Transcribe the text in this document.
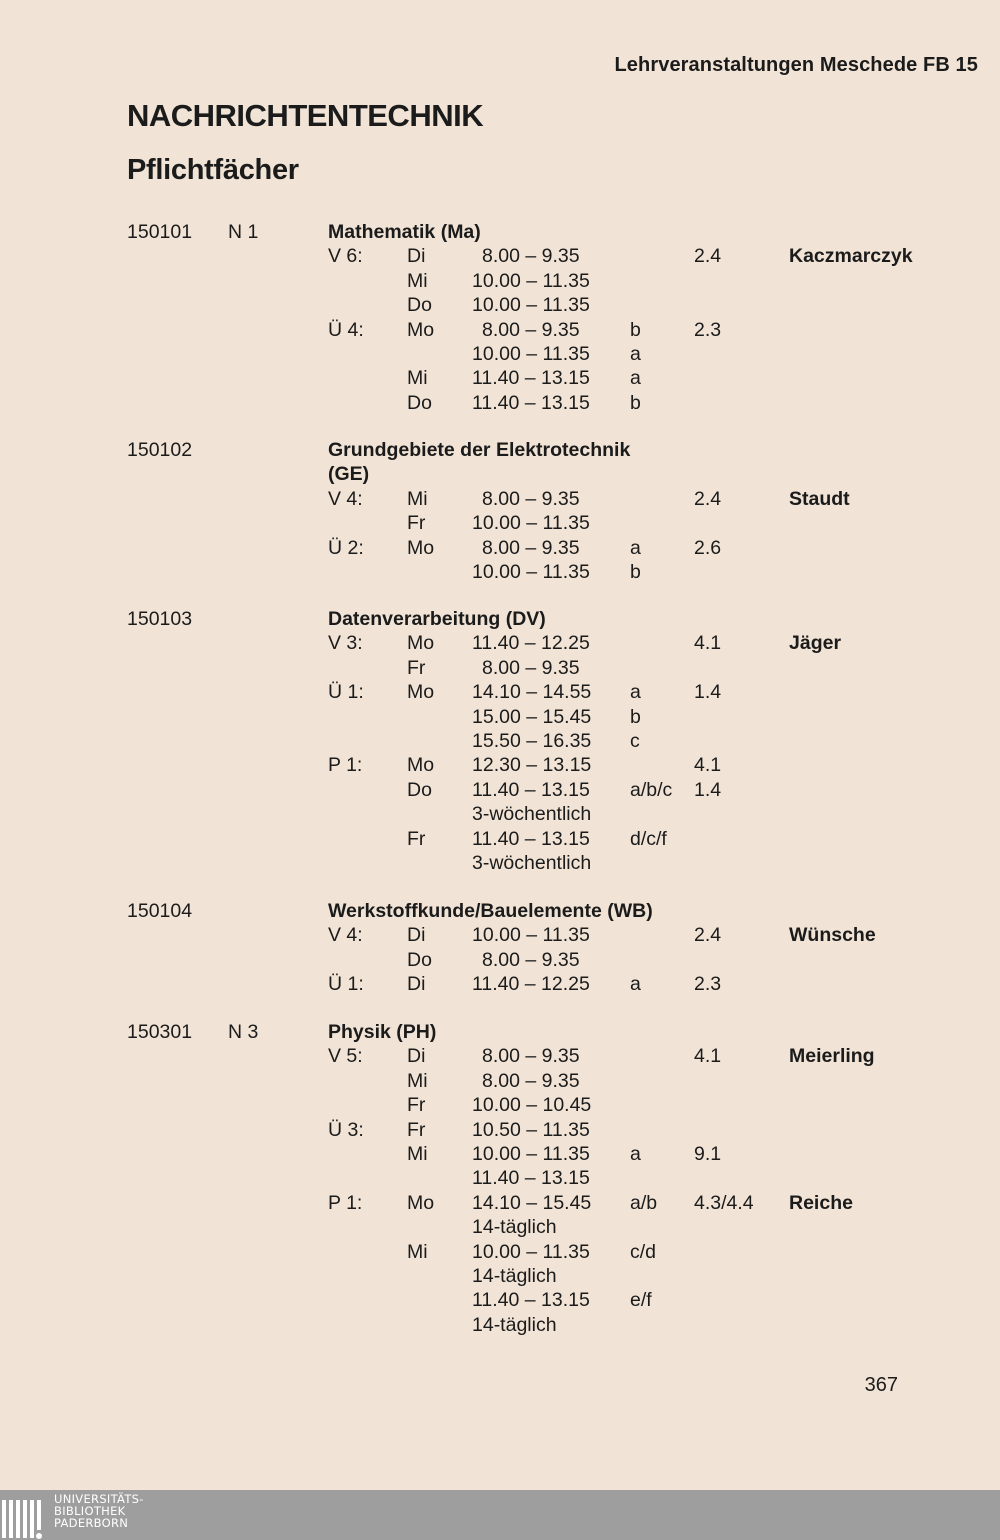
Lehrveranstaltungen Meschede FB 15
NACHRICHTENTECHNIK
Pflichtfächer
150101 N 1	Mathematik (Ma)
V 6: Di	8.00 – 9.35	2.4	Kaczmarczyk
Mi 10.00 – 11.35
Do 10.00 – 11.35
Ü 4: Mo 8.00 – 9.35	b	2.3
10.00 – 11.35 a
Mi 11.40 – 13.15 a
Do 11.40 – 13.15 b
150102	Grundgebiete der Elektrotechnik
(GE)
V 4: Mi	8.00 – 9.35	2.4	Staudt
Fr 10.00 – 11.35
Ü 2: Mo 8.00 – 9.35	a	2.6
10.00 – 11.35 b
150103	Datenverarbeitung (DV)
V 3: Mo 11.40 – 12.25	4.1	Jäger
Fr	8.00 – 9.35
Ü 1: Mo 14.10 – 14.55 a	1.4
15.00 – 15.45 b
15.50 – 16.35 c
P 1: Mo 12.30 – 13.15	4.1
Do 11.40 – 13.15 a/b/c 1.4
3-wöchentlich
Fr 11.40 – 13.15 d/c/f
3-wöchentlich
150104	Werkstoffkunde/Bauelemente (WB)
V 4: Di 10.00 – 11.35	2.4	Wünsche
Do	8.00 – 9.35
Ü 1: Di 11.40 – 12.25 a	2.3
150301 N 3	Physik (PH)
V 5: Di	8.00 – 9.35	4.1	Meierling
Mi	8.00 – 9.35
Fr 10.00 – 10.45
Ü 3: Fr 10.50 – 11.35
Mi 10.00 – 11.35 a	9.1
11.40 – 13.15
P 1: Mo 14.10 – 15.45 a/b 4.3/4.4 Reiche
14-täglich
Mi 10.00 – 11.35 c/d
14-täglich
11.40 – 13.15 e/f
14-täglich
367
UNIVERSITÄTS-
BIBLIOTHEK
PADERBORN
